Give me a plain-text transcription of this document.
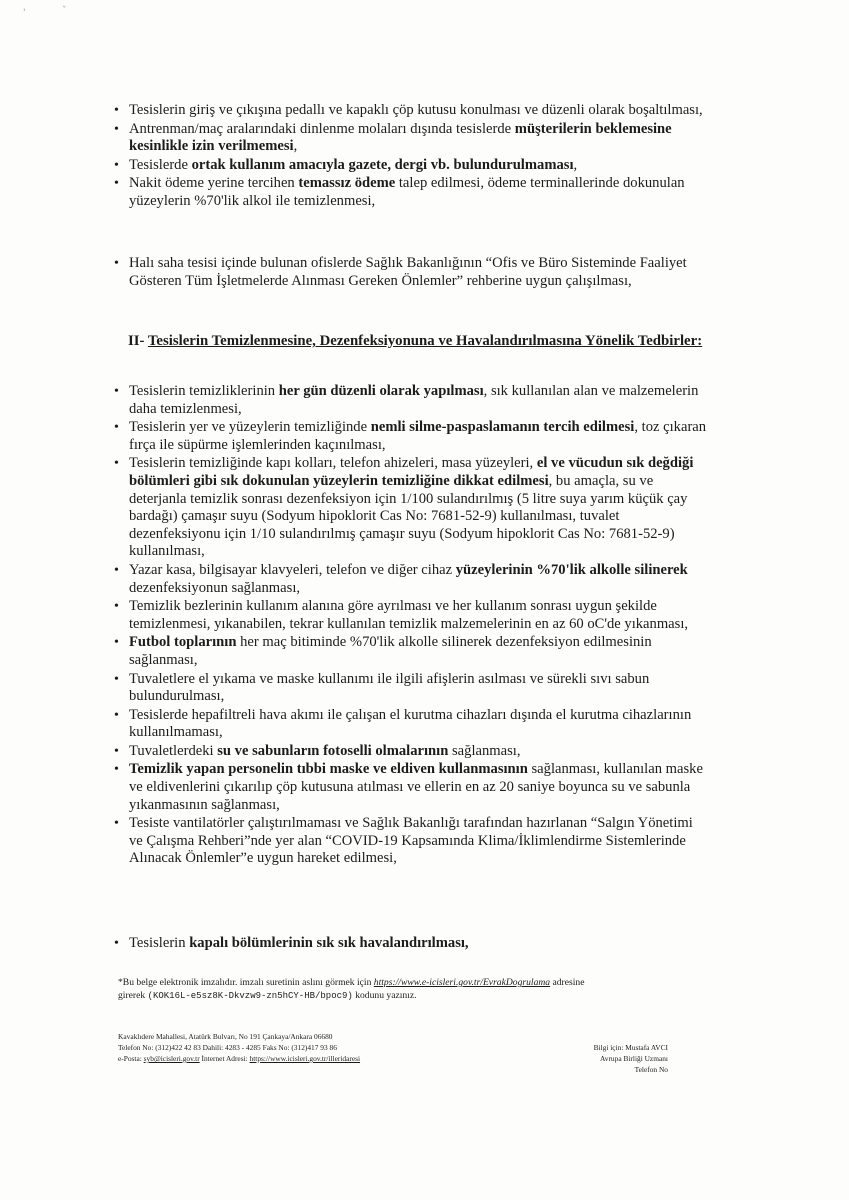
'	ˇ
• Tesislerin giriş ve çıkışına pedallı ve kapaklı çöp kutusu konulması ve düzenli olarak boşaltılması,
• Antrenman/maç aralarındaki dinlenme molaları dışında tesislerde müşterilerin beklemesine kesinlikle izin verilmemesi,
• Tesislerde ortak kullanım amacıyla gazete, dergi vb. bulundurulmaması,
• Nakit ödeme yerine tercihen temassız ödeme talep edilmesi, ödeme terminallerinde dokunulan yüzeylerin %70'lik alkol ile temizlenmesi,
• Halı saha tesisi içinde bulunan ofislerde Sağlık Bakanlığının “Ofis ve Büro Sisteminde Faaliyet Gösteren Tüm İşletmelerde Alınması Gereken Önlemler” rehberine uygun çalışılması,
II- Tesislerin Temizlenmesine, Dezenfeksiyonuna ve Havalandırılmasına Yönelik Tedbirler:
• Tesislerin temizliklerinin her gün düzenli olarak yapılması, sık kullanılan alan ve malzemelerin daha temizlenmesi,
• Tesislerin yer ve yüzeylerin temizliğinde nemli silme-paspaslamanın tercih edilmesi, toz çıkaran fırça ile süpürme işlemlerinden kaçınılması,
• Tesislerin temizliğinde kapı kolları, telefon ahizeleri, masa yüzeyleri, el ve vücudun sık değdiği bölümleri gibi sık dokunulan yüzeylerin temizliğine dikkat edilmesi, bu amaçla, su ve deterjanla temizlik sonrası dezenfeksiyon için 1/100 sulandırılmış (5 litre suya yarım küçük çay bardağı) çamaşır suyu (Sodyum hipoklorit Cas No: 7681-52-9) kullanılması, tuvalet dezenfeksiyonu için 1/10 sulandırılmış çamaşır suyu (Sodyum hipoklorit Cas No: 7681-52-9) kullanılması,
• Yazar kasa, bilgisayar klavyeleri, telefon ve diğer cihaz yüzeylerinin %70'lik alkolle silinerek dezenfeksiyonun sağlanması,
• Temizlik bezlerinin kullanım alanına göre ayrılması ve her kullanım sonrası uygun şekilde temizlenmesi, yıkanabilen, tekrar kullanılan temizlik malzemelerinin en az 60 oC'de yıkanması,
• Futbol toplarının her maç bitiminde %70'lik alkolle silinerek dezenfeksiyon edilmesinin sağlanması,
• Tuvaletlere el yıkama ve maske kullanımı ile ilgili afişlerin asılması ve sürekli sıvı sabun bulundurulması,
• Tesislerde hepafiltreli hava akımı ile çalışan el kurutma cihazları dışında el kurutma cihazlarının kullanılmaması,
• Tuvaletlerdeki su ve sabunların fotoselli olmalarının sağlanması,
• Temizlik yapan personelin tıbbi maske ve eldiven kullanmasının sağlanması, kullanılan maske ve eldivenlerini çıkarılıp çöp kutusuna atılması ve ellerin en az 20 saniye boyunca su ve sabunla yıkanmasının sağlanması,
• Tesiste vantilatörler çalıştırılmaması ve Sağlık Bakanlığı tarafından hazırlanan “Salgın Yönetimi ve Çalışma Rehberi”nde yer alan “COVID-19 Kapsamında Klima/İklimlendirme Sistemlerinde Alınacak Önlemler”e uygun hareket edilmesi,
• Tesislerin kapalı bölümlerinin sık sık havalandırılması,
*Bu belge elektronik imzalıdır. imzalı suretinin aslını görmek için https://www.e-icisleri.gov.tr/EvrakDogrulama adresine
girerek (KOK16L-e5sz8K-Dkvzw9-zn5hCY-HB/bpoc9) kodunu yazınız.
Kavaklıdere Mahallesi, Atatürk Bulvarı, No 191 Çankaya/Ankara 06680
Telefon No: (312)422 42 83 Dahili: 4283 - 4285 Faks No: (312)417 93 86
e-Posta: syb@icisleri.gov.tr İnternet Adresi: https://www.icisleri.gov.tr/illeridaresi
Bilgi için: Mustafa AVCI
Avrupa Birliği Uzmanı
Telefon No
